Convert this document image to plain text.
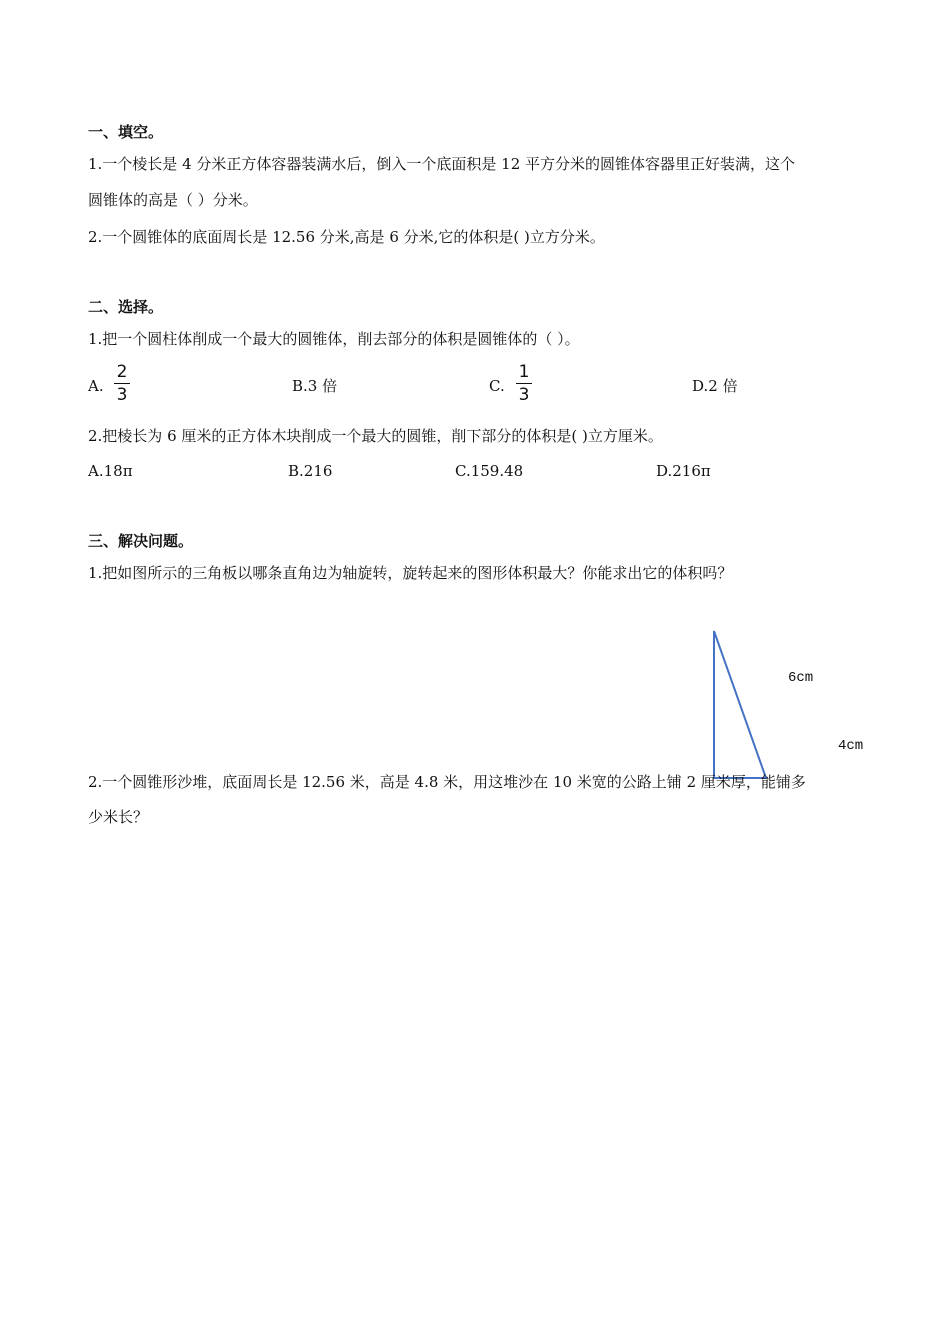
一、填空。
1.一个棱长是 4 分米正方体容器装满水后，倒入一个底面积是 12 平方分米的圆锥体容器里正好装满，这个
圆锥体的高是（ ）分米。
2.一个圆锥体的底面周长是 12.56 分米,高是 6 分米,它的体积是( )立方分米。
二、选择。
1.把一个圆柱体削成一个最大的圆锥体，削去部分的体积是圆锥体的（ ）。
A.
2
3	B.3 倍	C.
1
3	D.2 倍
2.把棱长为 6 厘米的正方体木块削成一个最大的圆锥，削下部分的体积是( )立方厘米。
A.18π	B.216	C.159.48	D.216π
三、解决问题。
1.把如图所示的三角板以哪条直角边为轴旋转，旋转起来的图形体积最大？你能求出它的体积吗？
6cm
4cm
2.一个圆锥形沙堆，底面周长是 12.56 米，高是 4.8 米，用这堆沙在 10 米宽的公路上铺 2 厘米厚，能铺多
少米长？
